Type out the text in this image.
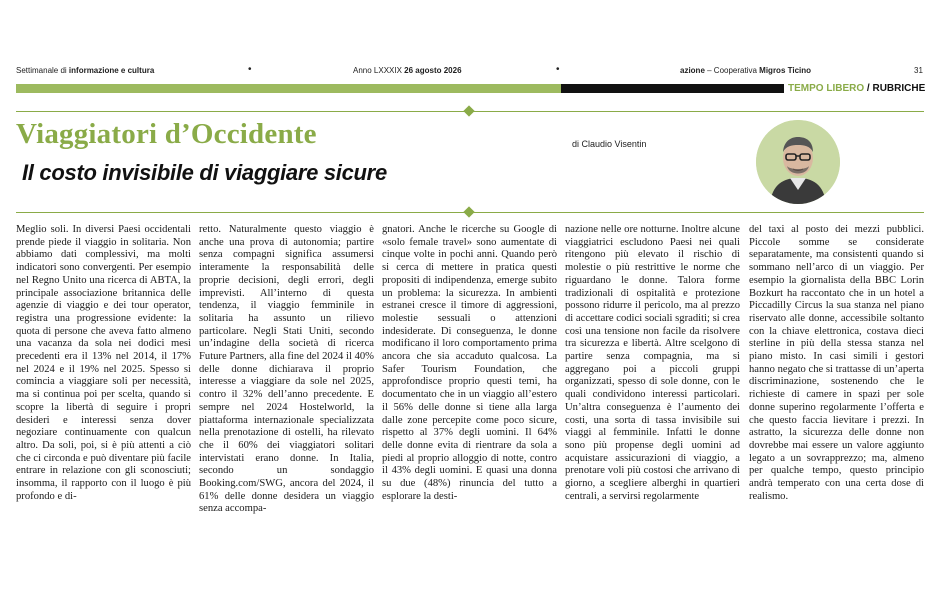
Settimanale di informazione e cultura	•	Anno LXXXIX 26 agosto 2026	•	azione – Cooperativa Migros Ticino	31
TEMPO LIBERO / RUBRICHE
Viaggiatori d’Occidente
Il costo invisibile di viaggiare sicure
di Claudio Visentin

Meglio soli. In diversi Paesi occidentali prende piede il viaggio in solitaria. Non abbiamo dati complessivi, ma molti indicatori sono convergenti. Per esempio nel Regno Unito una ricerca di ABTA, la principale associazione britannica delle agenzie di viaggio e dei tour operator, registra una progressione evidente: la quota di persone che aveva fatto almeno una vacanza da sola nei dodici mesi precedenti era il 13% nel 2014, il 17% nel 2024 e il 19% nel 2025. Spesso si comincia a viaggiare soli per necessità, ma si continua poi per scelta, quando si scopre la libertà di seguire i propri desideri e interessi senza dover negoziare continuamente con qualcun altro. Da soli, poi, si è più attenti a ciò che ci circonda e può diventare più facile entrare in relazione con gli sconosciuti; insomma, il rapporto con il luogo è più profondo e di-

retto. Naturalmente questo viaggio è anche una prova di autonomia; partire senza compagni significa assumersi interamente la responsabilità delle proprie decisioni, degli errori, degli imprevisti. All’interno di questa tendenza, il viaggio femminile in solitaria ha assunto un rilievo particolare. Negli Stati Uniti, secondo un’indagine della società di ricerca Future Partners, alla fine del 2024 il 40% delle donne dichiarava il proprio interesse a viaggiare da sole nel 2025, contro il 32% dell’anno precedente. E sempre nel 2024 Hostelworld, la piattaforma internazionale specializzata nella prenotazione di ostelli, ha rilevato che il 60% dei viaggiatori solitari intervistati erano donne. In Italia, secondo un sondaggio Booking.com/SWG, ancora del 2024, il 61% delle donne desidera un viaggio senza accompa-

gnatori. Anche le ricerche su Google di «solo female travel» sono aumentate di cinque volte in pochi anni. Quando però si cerca di mettere in pratica questi propositi di indipendenza, emerge subito un problema: la sicurezza. In ambienti estranei cresce il timore di aggressioni, molestie sessuali o attenzioni indesiderate. Di conseguenza, le donne modificano il loro comportamento prima ancora che sia accaduto qualcosa. La Safer Tourism Foundation, che approfondisce proprio questi temi, ha documentato che in un viaggio all’estero il 56% delle donne si tiene alla larga dalle zone percepite come poco sicure, rispetto al 37% degli uomini. Il 64% delle donne evita di rientrare da sola a piedi al proprio alloggio di notte, contro il 43% degli uomini. E quasi una donna su due (48%) rinuncia del tutto a esplorare la desti-

nazione nelle ore notturne. Inoltre alcune viaggiatrici escludono Paesi nei quali ritengono più elevato il rischio di molestie o più restrittive le norme che riguardano le donne. Talora forme tradizionali di ospitalità e protezione possono ridurre il pericolo, ma al prezzo di accettare codici sociali sgraditi; si crea così una tensione non facile da risolvere tra sicurezza e libertà. Altre scelgono di partire senza compagnia, ma si aggregano poi a piccoli gruppi organizzati, spesso di sole donne, con le quali condividono interessi particolari. Un’altra conseguenza è l’aumento dei costi, una sorta di tassa invisibile sui viaggi al femminile. Infatti le donne sono più propense degli uomini ad acquistare assicurazioni di viaggio, a prenotare voli più costosi che arrivano di giorno, a scegliere alberghi in quartieri centrali, a servirsi regolarmente

del taxi al posto dei mezzi pubblici. Piccole somme se considerate separatamente, ma consistenti quando si sommano nell’arco di un viaggio. Per esempio la giornalista della BBC Lorin Bozkurt ha raccontato che in un hotel a Piccadilly Circus la sua stanza nel piano riservato alle donne, accessibile soltanto con la chiave elettronica, costava dieci sterline in più della stessa stanza nel piano misto. In casi simili i gestori hanno negato che si trattasse di un’aperta discriminazione, sostenendo che le richieste di camere in spazi per sole donne superino regolarmente l’offerta e che questo faccia lievitare i prezzi. In astratto, la sicurezza delle donne non dovrebbe mai essere un valore aggiunto legato a un sovrapprezzo; ma, almeno per qualche tempo, questo principio andrà temperato con una certa dose di realismo.
